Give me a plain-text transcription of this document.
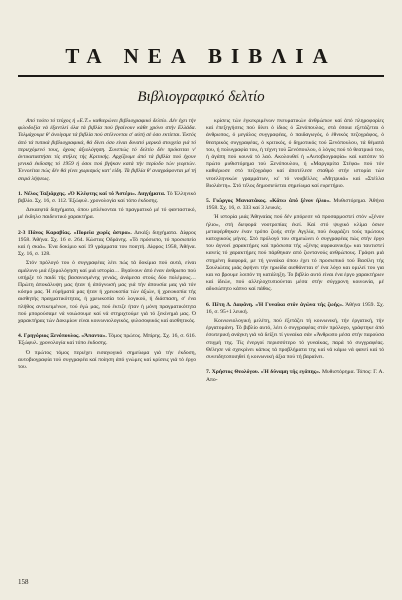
ΤΑ ΝΕΑ ΒΙΒΛΙΑ
Βιβλιογραφικό δελτίο

Από τούτο τό τεύχος ή «Ε.Τ.» καθιερώνει βιβλιογραφικό δελτίο. Δέν έχει τήν φιλοδοξία νά έξαντλεί όλα τά βιβλία πού βγαίνουν κάθε χρόνο στήν Ελλάδα. Τολμάχουμε θ' άνοίγαμε τά βιβλία πού στέλνονται σ' αύτή σέ όσο εκτίεται. Έκτός άπό τά τυπικά βιβλιογραφικά, θά δίνει όσο είναι δυνατό μερικά στοιχεία γιά τό περιεχόμενό τους, όχους άξιολόγηση. Συνεπώς τό δελτίο δέν πρόκειται ν' άντικαταστήσει τίς στήλες τής Κριτικής. Αρχίζουμε άπό τά βιβλία πού έχουν γενικά έκδοσης τό 1959 ή όσοι πού βγήκαν κατά τήν περίοδο τών γιορτών. Έννοείται πώς δέν θά γίνει χωρισμός κατ' είδη. Τά βιβλία θ' αναγράφονται μέ τή σειρά λήψεως.

1. Νέλος Ταξιάρχης. «Ό Κλέφτης καί τό Άστέρι». Διηγήματα. Τό Έλληνικό βιβλίο. Σχ. 16, σ. 112. Έξώφυλ. χρονολογία καί τόπο έκδοσης.

Δεκαεφτά διηγήματα, όπου μπλέκονται τό πραγματικό μέ τό φανταστικό, μέ έκδηλο παιδευτικό χαρακτήρα.

2-3 Πάνος Καραβίας. «Πορεία χωρίς άστρα». Δεκάξι διηγήματα. Δίφρος 1958. Άθήνα. Σχ. 16 σ. 264. Κώστας Οδράνης. «Τό πρόσωπο, τό προσωπείο καί ή σκιά». Ένα δοκίμιο καί 19 γράμματα του ποιητή. Δίφρος 1958, Άθήνα. Σχ. 16, σ. 128.

Στόν πρόλογό του ό συγγραφέας λέει πώς τά δοκίμια πού αυτά, είναι αμάλυνο μιά έξομολόγηση καί μιά ιστορία… Βγαίνουν άπό έναν άνθρωπο πού υπήρξε τό παιδί τής βασανισμένης γενιάς, άνάμεσα στούς δύο πολέμους… Πρώτη άποκάλυψη μας ήταν ή άπόγνωσή μας γιά τήν άπουσία μας γιά τόν κόσμο μας. Ή εύρήματά μας ήταν ή χρεωκοπία τών άξιών, ή χρεωκοπία τής αισθητής πραγματικότητας, ή χρεωκοπία τού λογικού, ή διάσπαση, σ' ένα πλήθος αντικειμένων, τού έγώ μας, πού έκτιζε ήταν ή μόνη πραγματικότητα πού μπορούσαμε νά νοιώσουμε καί νά στηριχτούμε γιά τό ξεκίνημά μας. Ό χαρακτήρας τών Δοκιμίων είναι κοινωνιολογικός, φιλοσοφικός καί αισθητικός.

4. Γρηγόριος Ξενόπουλος. «Άπαντα». Τόμος πρώτος. Μπίρης. Σχ. 16, σ. 616. Έξώφυλ. χρονολογία καί τόπο έκδοσης.

Ό πρώτος τόμος περιέχει εισαγωγικό σημείωμα γιά τήν έκδοση, αυτοβιογραφία τού συγγραφέα καί ποίηση άπό γνώμες καί κρίσεις γιά τό έργο του.

κρίσεις τών έγκεκριμένων πνευματικών άνθρώπων καί άπό πληροφορίες καί έπεξηγήσεις πού δίνει ό ίδιος ό Ξενόπουλος, στά όποια εξετάζεται ό άνθρωπος, ό μεγάλος συγγραφέας, ό παιδαγωγός, ό έθνικός πεζογράφος, ό θεατρικός συγγραφέας, ό κριτικός, ό δημοτικός τού Ξενόπουλου, τά θέματά του, ή πολυγραφία του, ή τέχνη τού Ξενόπουλου, ό λόγος πού τό θεατρικό του, ή άγάπη πού κουνά τό λαό. Ακολουθεί ή «Αυτοβιογραφία» καί κατόπιν τό πρώτο μυθιστόρημα τού Ξενόπουλου, ή «Μαργαρίτα Στέφα» πού τόν καθιέρωσε στό πεζογράφο καί άποτέλεσε σταθμό στήν ιστορία τών νεοελληνικών γραμμάτων, κι' τό νουβέλλες «Μητρυιά» καί «Στέλλα Βιολάντη». Στό τέλος δημοσιεύεται σημείωμα καί ευρετήριο.

5. Γιώργος Μανιατάκος. «Κάτω άπό ξένον ήλιο». Μυθιστόρημα. Άθήνα 1958. Σχ. 16, σ. 333 καί 3 λευκές.

Ή ιστορία μιάς Άθηναίας πού δέν μπόρεσε νά προσαρμοστεί στόν «ξένον ήλιο», στή διεφορά νοοτροπίας έκεί. Καί στό ψυχικό κλίμα όσων μεταφέρθηκαν έναν τρόπο ζωής στήν Αγγλία, πού έκφράζει τούς πρώτους κατοχικούς μήνες. Στό πρόλογό του σημειώνει ό συγγραφέας πώς στήν έργο του άγνοεί χαρακτήρες καί πρόσωπα τής «ξένης αφρικανικής» και ταυτιστεί κανείς τό χαρακτήρες πού πάρθηκαν από ζωντανούς ανθρώπους. Γράφει μιά στημένη διαφορά, με τή γυναίκα όπου έχει τό προσωπικό τού Βασίλη τής Σουλιώτας μιάς άφήνει τήν ηρωίδα αισθάνεται σ' ένα λόγο και ομιλεί του για και να βρουμε λοιπόν τη κατάληξη. Το βιβλίο αυτό είναι ένα έργο χαρακτήρων καί ίδεών, πού αλληλοχτυπιούνται μέσα στήν σύγχρονη κοινωνία, μέ αδυσώπητο κάπνο καί πάθος.

6. Πέτη Δ. Δαφάνη. «Ή Γυναίκα στόν άγώνα τής ζωής». Άθήνα 1959. Σχ. 16, σ. 95+1 λευκή.

Κοινωνιολογική μελέτη, πού έξετάζει τή κοινωνική, τήν έργατική, τήν έργατομάνη. Τό βιβλίο αυτό, λέει ό συγγραφέας στόν πρόλογο, γράφτηκε άπό έσωτερική ανάγκη γιά νά δείξει τί γυναίκα σάν «Άνθρωπο μέσα στήν παρούσα στιγμή της. Τίς ένεργοί περισσότερο τό γυναίκας, παρά τό συγγραφέας. Θέλησε νά σχεκρίνει κάπως τά προβλήματα της καί νά κάμω νά φανεί καί τό συνειδητοποιηθεί ή κοινωνική άξια πού τή βαραίνει.

7. Χρήστος Θεολόγου. «Ή δύναμη τής εγάπης». Μυθιστόρημα. Τόπος: Γ. Α. Απο-

158
